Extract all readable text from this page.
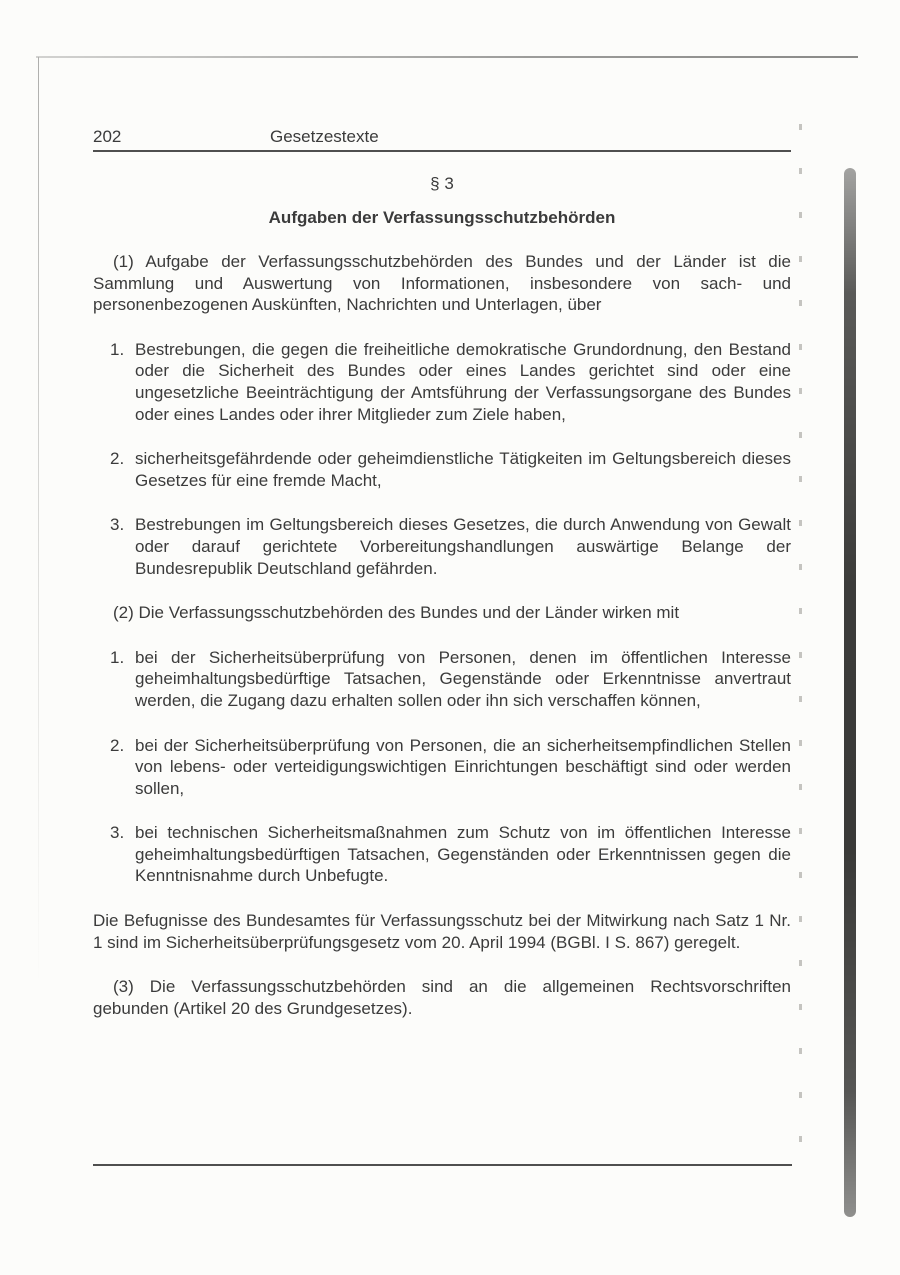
202	Gesetzestexte
§ 3
Aufgaben der Verfassungsschutzbehörden

(1) Aufgabe der Verfassungsschutzbehörden des Bundes und der Länder ist die Sammlung und Auswertung von Informationen, insbesondere von sach- und personenbezogenen Auskünften, Nachrichten und Unterlagen, über

1. Bestrebungen, die gegen die freiheitliche demokratische Grundordnung, den Bestand oder die Sicherheit des Bundes oder eines Landes gerichtet sind oder eine ungesetzliche Beeinträchtigung der Amtsführung der Verfassungsorgane des Bundes oder eines Landes oder ihrer Mitglieder zum Ziele haben,
2. sicherheitsgefährdende oder geheimdienstliche Tätigkeiten im Geltungsbereich dieses Gesetzes für eine fremde Macht,
3. Bestrebungen im Geltungsbereich dieses Gesetzes, die durch Anwendung von Gewalt oder darauf gerichtete Vorbereitungshandlungen auswärtige Belange der Bundesrepublik Deutschland gefährden.

(2) Die Verfassungsschutzbehörden des Bundes und der Länder wirken mit

1. bei der Sicherheitsüberprüfung von Personen, denen im öffentlichen Interesse geheimhaltungsbedürftige Tatsachen, Gegenstände oder Erkenntnisse anvertraut werden, die Zugang dazu erhalten sollen oder ihn sich verschaffen können,
2. bei der Sicherheitsüberprüfung von Personen, die an sicherheitsempfindlichen Stellen von lebens- oder verteidigungswichtigen Einrichtungen beschäftigt sind oder werden sollen,
3. bei technischen Sicherheitsmaßnahmen zum Schutz von im öffentlichen Interesse geheimhaltungsbedürftigen Tatsachen, Gegenständen oder Erkenntnissen gegen die Kenntnisnahme durch Unbefugte.

Die Befugnisse des Bundesamtes für Verfassungsschutz bei der Mitwirkung nach Satz 1 Nr. 1 sind im Sicherheitsüberprüfungsgesetz vom 20. April 1994 (BGBl. I S. 867) geregelt.

(3) Die Verfassungsschutzbehörden sind an die allgemeinen Rechtsvorschriften gebunden (Artikel 20 des Grundgesetzes).
